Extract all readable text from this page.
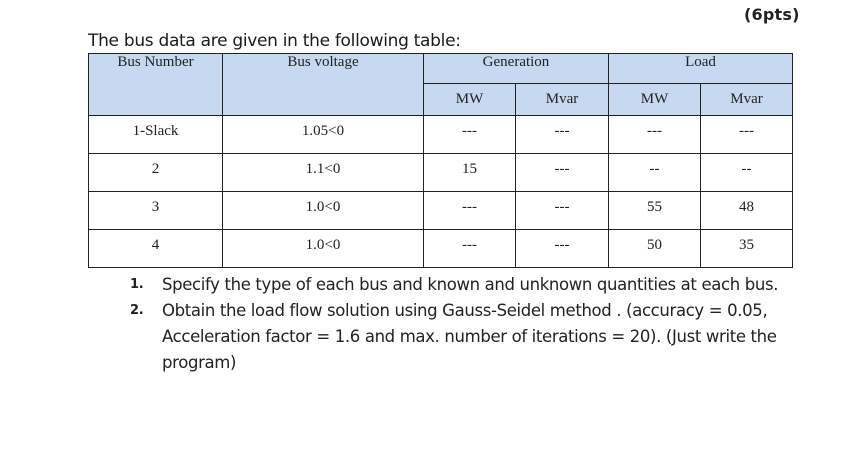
(6pts)
The bus data are given in the following table:
Bus Number	Bus voltage	Generation		Load	
		MW	Mvar	MW	Mvar
1-Slack	1.05<0	---	---	---	---
2	1.1<0	15	---	--	--
3	1.0<0	---	---	55	48
4	1.0<0	---	---	50	35
1.	Specify the type of each bus and known and unknown quantities at each bus.
2.	Obtain the load flow solution using Gauss-Seidel method . (accuracy = 0.05, Acceleration factor = 1.6 and max. number of iterations = 20). (Just write the program)
